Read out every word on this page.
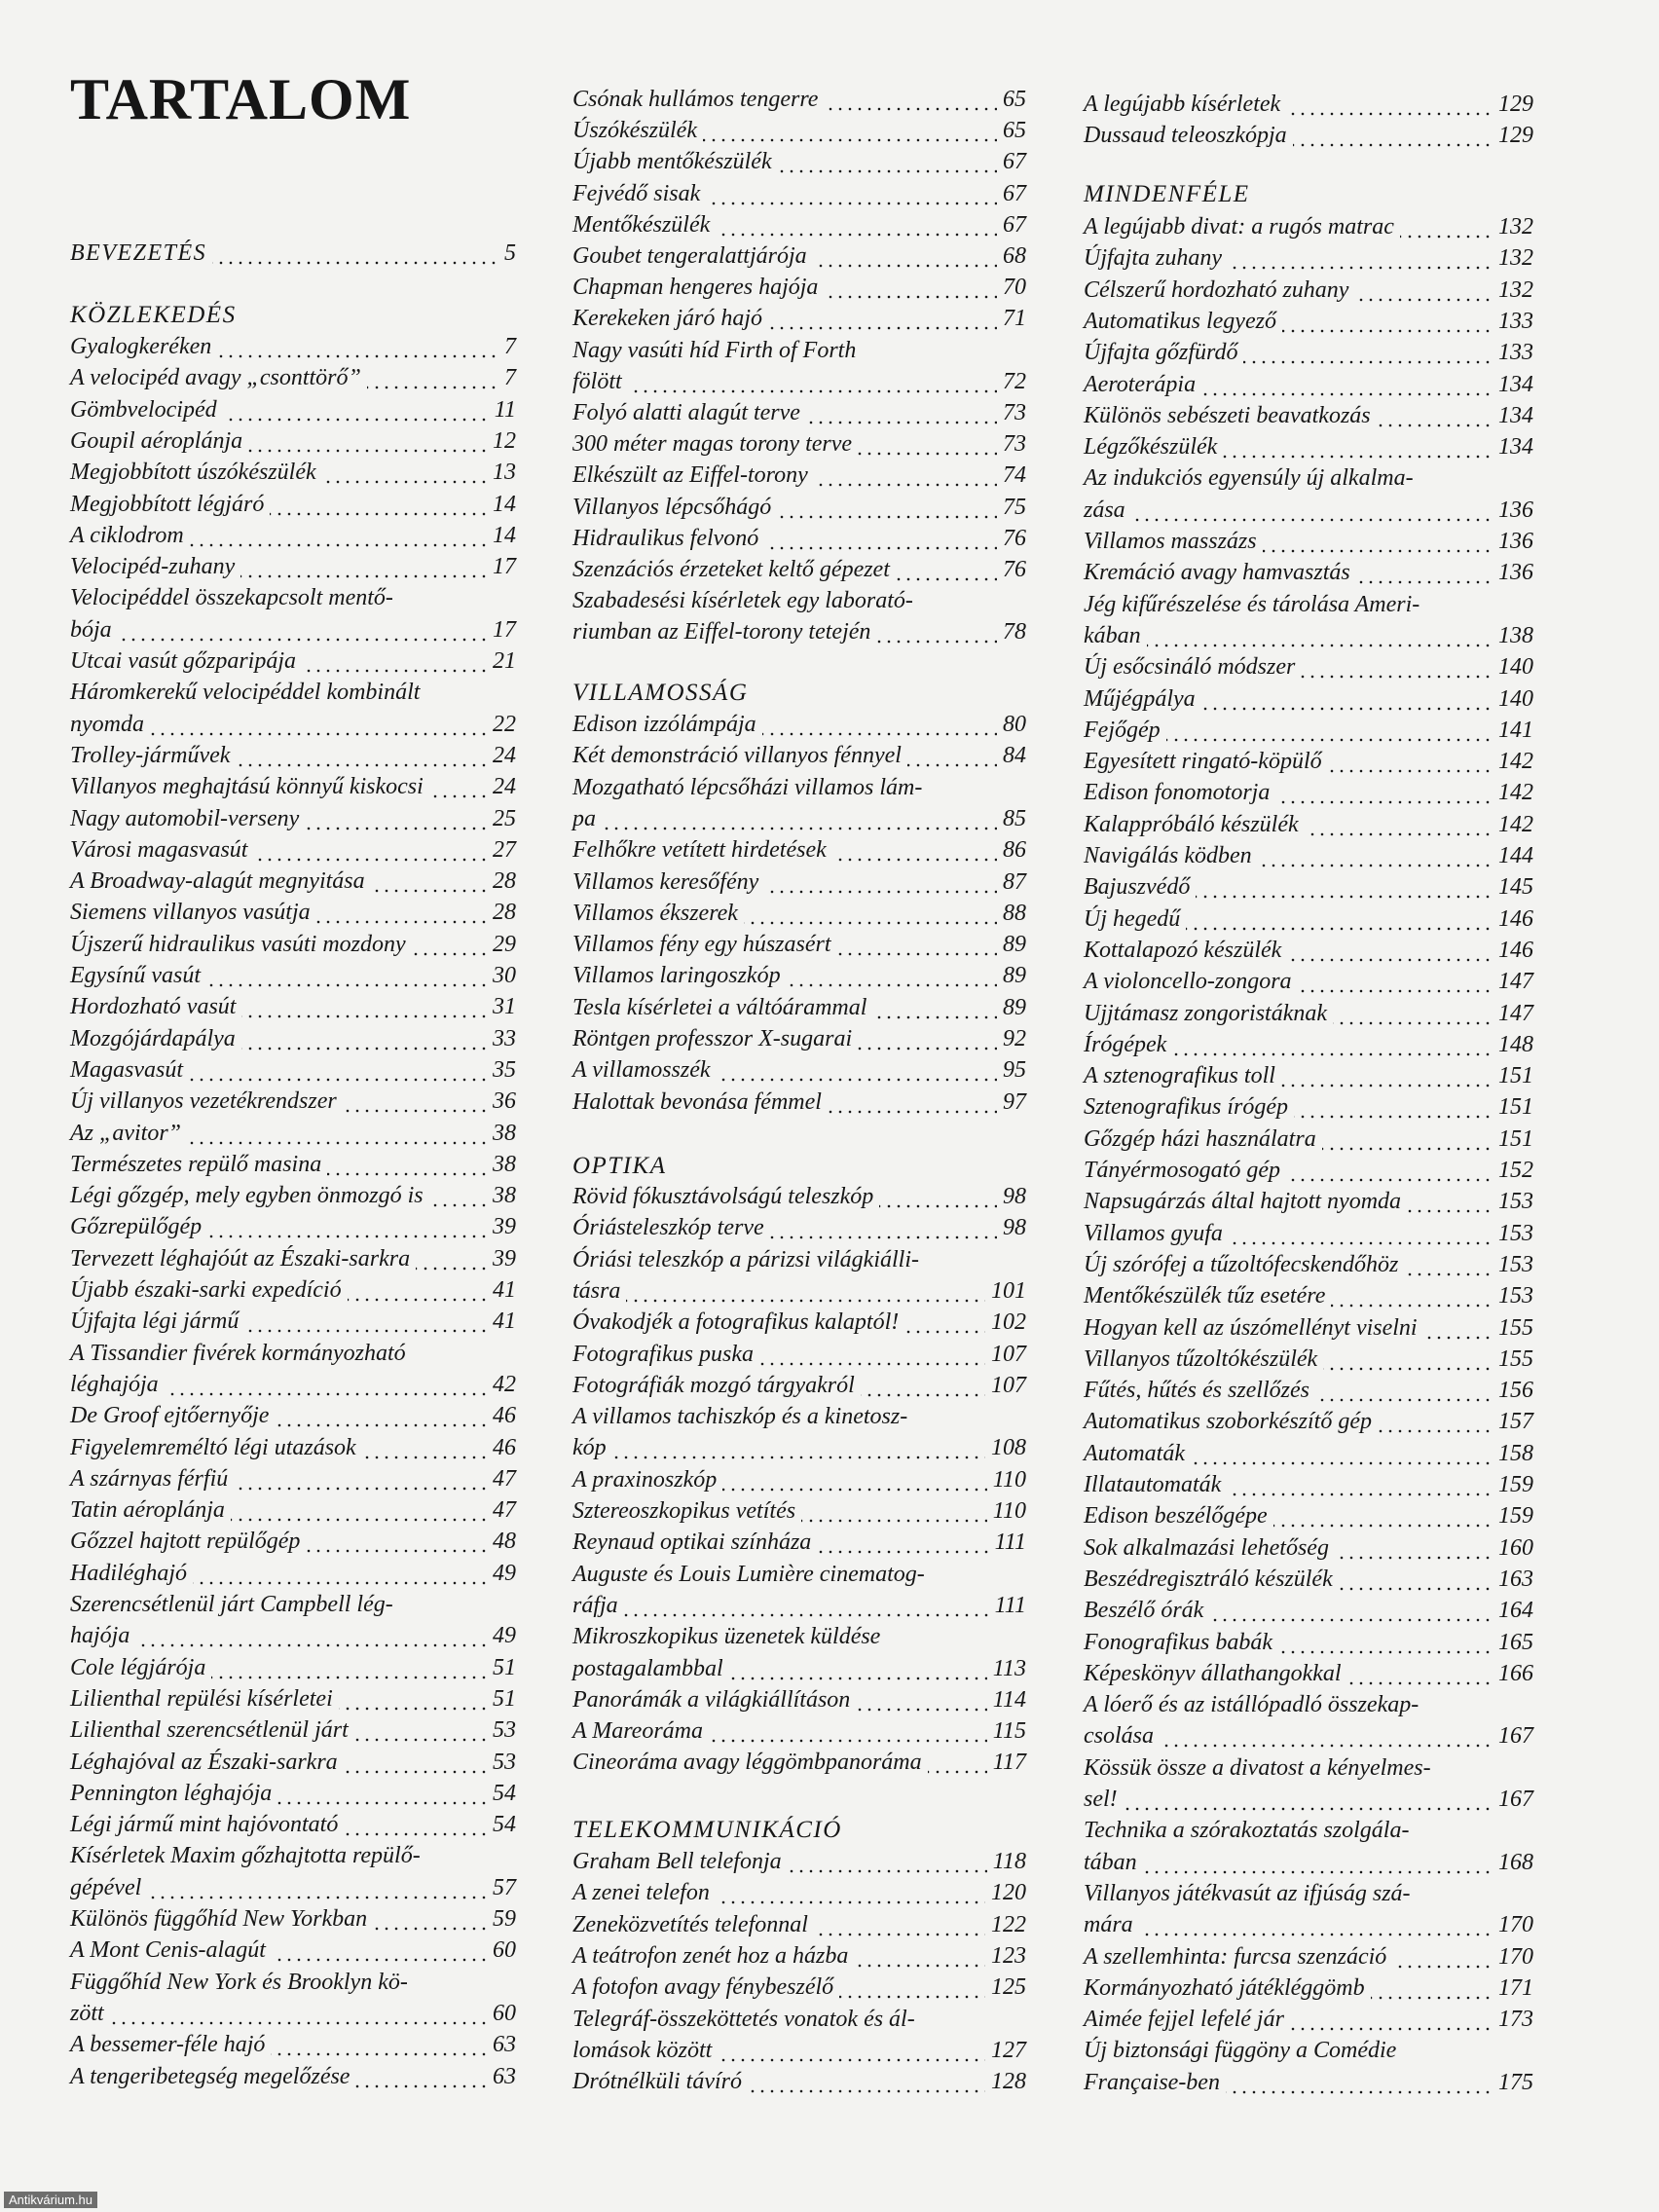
TARTALOM
BEVEZETÉS	5
KÖZLEKEDÉS
Gyalogkeréken	7
A velocipéd avagy „csonttörő”	7
Gömbvelocipéd	11
Goupil aéroplánja	12
Megjobbított úszókészülék	13
Megjobbított légjáró	14
A ciklodrom	14
Velocipéd-zuhany	17
Velocipéddel összekapcsolt mentő-
bója	17
Utcai vasút gőzparipája	21
Háromkerekű velocipéddel kombinált
nyomda	22
Trolley-járművek	24
Villanyos meghajtású könnyű kiskocsi	24
Nagy automobil-verseny	25
Városi magasvasút	27
A Broadway-alagút megnyitása	28
Siemens villanyos vasútja	28
Újszerű hidraulikus vasúti mozdony	29
Egysínű vasút	30
Hordozható vasút	31
Mozgójárdapálya	33
Magasvasút	35
Új villanyos vezetékrendszer	36
Az „avitor”	38
Természetes repülő masina	38
Légi gőzgép, mely egyben önmozgó is	38
Gőzrepülőgép	39
Tervezett léghajóút az Északi-sarkra	39
Újabb északi-sarki expedíció	41
Újfajta légi jármű	41
A Tissandier fivérek kormányozható
léghajója	42
De Groof ejtőernyője	46
Figyelemreméltó légi utazások	46
A szárnyas férfiú	47
Tatin aéroplánja	47
Gőzzel hajtott repülőgép	48
Hadiléghajó	49
Szerencsétlenül járt Campbell lég-
hajója	49
Cole légjárója	51
Lilienthal repülési kísérletei	51
Lilienthal szerencsétlenül járt	53
Léghajóval az Északi-sarkra	53
Pennington léghajója	54
Légi jármű mint hajóvontató	54
Kísérletek Maxim gőzhajtotta repülő-
gépével	57
Különös függőhíd New Yorkban	59
A Mont Cenis-alagút	60
Függőhíd New York és Brooklyn kö-
zött	60
A bessemer-féle hajó	63
A tengeribetegség megelőzése	63
Csónak hullámos tengerre	65
Úszókészülék	65
Újabb mentőkészülék	67
Fejvédő sisak	67
Mentőkészülék	67
Goubet tengeralattjárója	68
Chapman hengeres hajója	70
Kerekeken járó hajó	71
Nagy vasúti híd Firth of Forth
fölött	72
Folyó alatti alagút terve	73
300 méter magas torony terve	73
Elkészült az Eiffel-torony	74
Villanyos lépcsőhágó	75
Hidraulikus felvonó	76
Szenzációs érzeteket keltő gépezet	76
Szabadesési kísérletek egy laborató-
riumban az Eiffel-torony tetején	78
VILLAMOSSÁG
Edison izzólámpája	80
Két demonstráció villanyos fénnyel	84
Mozgatható lépcsőházi villamos lám-
pa	85
Felhőkre vetített hirdetések	86
Villamos keresőfény	87
Villamos ékszerek	88
Villamos fény egy húszasért	89
Villamos laringoszkóp	89
Tesla kísérletei a váltóárammal	89
Röntgen professzor X-sugarai	92
A villamosszék	95
Halottak bevonása fémmel	97
OPTIKA
Rövid fókusztávolságú teleszkóp	98
Óriásteleszkóp terve	98
Óriási teleszkóp a párizsi világkiálli-
tásra	101
Óvakodjék a fotografikus kalaptól!	102
Fotografikus puska	107
Fotográfiák mozgó tárgyakról	107
A villamos tachiszkóp és a kinetosz-
kóp	108
A praxinoszkóp	110
Sztereoszkopikus vetítés	110
Reynaud optikai színháza	111
Auguste és Louis Lumière cinematog-
ráfja	111
Mikroszkopikus üzenetek küldése
postagalambbal	113
Panorámák a világkiállításon	114
A Mareoráma	115
Cineoráma avagy léggömbpanoráma	117
TELEKOMMUNIKÁCIÓ
Graham Bell telefonja	118
A zenei telefon	120
Zeneközvetítés telefonnal	122
A teátrofon zenét hoz a házba	123
A fotofon avagy fénybeszélő	125
Telegráf-összeköttetés vonatok és ál-
lomások között	127
Drótnélküli távíró	128
A legújabb kísérletek	129
Dussaud teleoszkópja	129
MINDENFÉLE
A legújabb divat: a rugós matrac	132
Újfajta zuhany	132
Célszerű hordozható zuhany	132
Automatikus legyező	133
Újfajta gőzfürdő	133
Aeroterápia	134
Különös sebészeti beavatkozás	134
Légzőkészülék	134
Az indukciós egyensúly új alkalma-
zása	136
Villamos masszázs	136
Kremáció avagy hamvasztás	136
Jég kifűrészelése és tárolása Ameri-
kában	138
Új esőcsináló módszer	140
Műjégpálya	140
Fejőgép	141
Egyesített ringató-köpülő	142
Edison fonomotorja	142
Kalappróbáló készülék	142
Navigálás ködben	144
Bajuszvédő	145
Új hegedű	146
Kottalapozó készülék	146
A violoncello-zongora	147
Ujjtámasz zongoristáknak	147
Írógépek	148
A sztenografikus toll	151
Sztenografikus írógép	151
Gőzgép házi használatra	151
Tányérmosogató gép	152
Napsugárzás által hajtott nyomda	153
Villamos gyufa	153
Új szórófej a tűzoltófecskendőhöz	153
Mentőkészülék tűz esetére	153
Hogyan kell az úszómellényt viselni	155
Villanyos tűzoltókészülék	155
Fűtés, hűtés és szellőzés	156
Automatikus szoborkészítő gép	157
Automaták	158
Illatautomaták	159
Edison beszélőgépe	159
Sok alkalmazási lehetőség	160
Beszédregisztráló készülék	163
Beszélő órák	164
Fonografikus babák	165
Képeskönyv állathangokkal	166
A lóerő és az istállópadló összekap-
csolása	167
Kössük össze a divatost a kényelmes-
sel!	167
Technika a szórakoztatás szolgála-
tában	168
Villanyos játékvasút az ifjúság szá-
mára	170
A szellemhinta: furcsa szenzáció	170
Kormányozható játékléggömb	171
Aimée fejjel lefelé jár	173
Új biztonsági függöny a Comédie
Française-ben	175
Antikvárium.hu
